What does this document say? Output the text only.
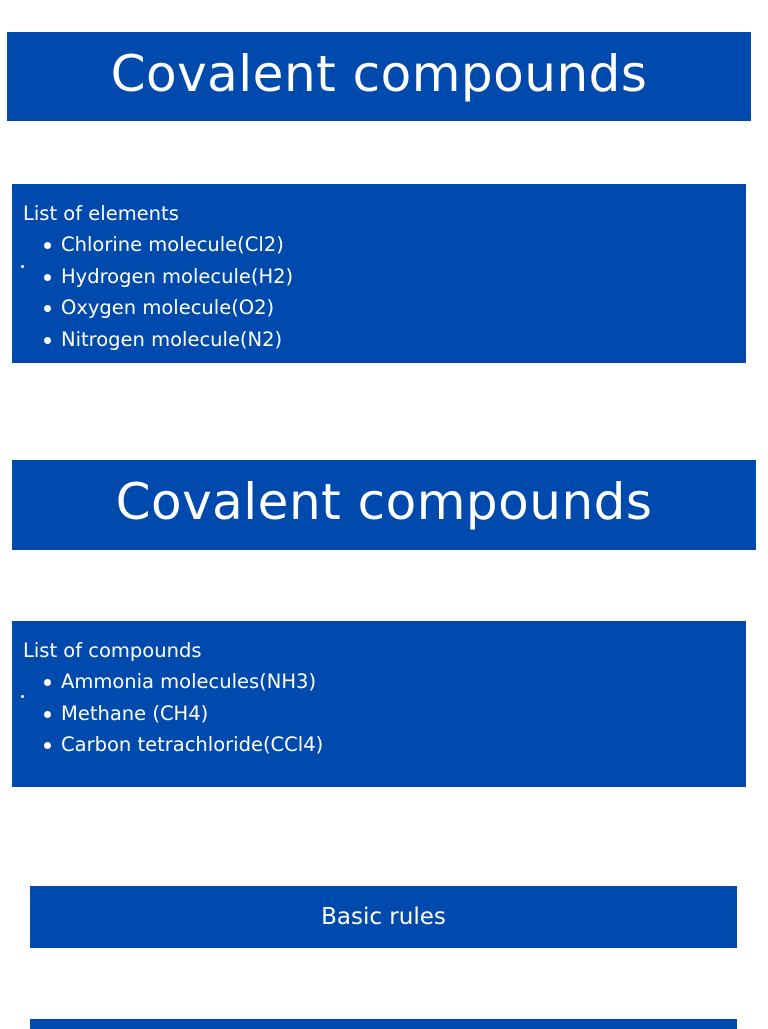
Covalent compounds
List of elements
Chlorine molecule(Cl2)
Hydrogen molecule(H2)
Oxygen molecule(O2)
Nitrogen molecule(N2)
Covalent compounds
List of compounds
Ammonia molecules(NH3)
Methane (CH4)
Carbon tetrachloride(CCl4)
Basic rules
